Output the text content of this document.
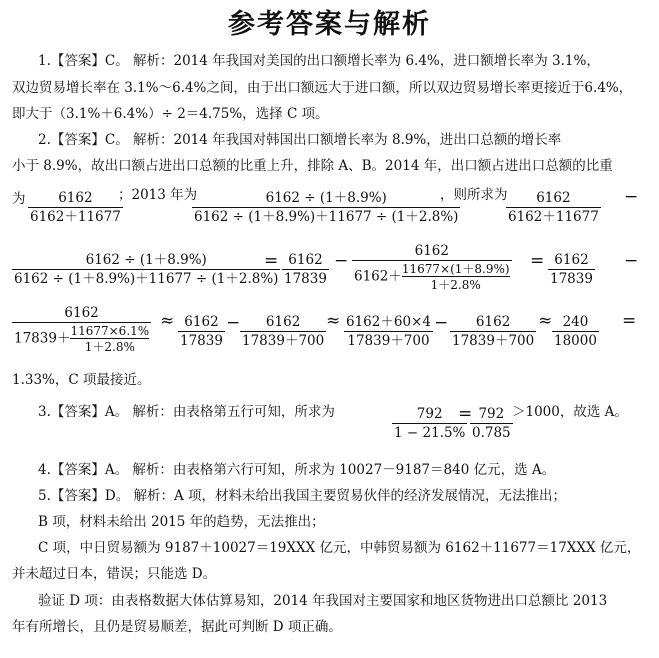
参考答案与解析
1.【答案】C。 解析：2014 年我国对美国的出口额增长率为 6.4%，进口额增长率为 3.1%，
双边贸易增长率在 3.1%～6.4%之间，由于出口额远大于进口额，所以双边贸易增长率更接近于6.4%，
即大于（3.1%＋6.4%）÷ 2＝4.75%，选择 C 项。
2.【答案】C。 解析：2014 年我国对韩国出口额增长率为 8.9%，进出口总额的增长率
小于 8.9%，故出口额占进出口总额的比重上升，排除 A、B。2014 年，出口额占进出口总额的比重
为 $\frac{6162}{6162+11677}$
；2013 年为
$\frac{6162 \div (1+8.9\%)}{6162 \div (1+8.9\%)+11677 \div (1+2.8\%)}$
，则所求为
$\frac{6162}{6162+11677}$ −
$\frac{6162 \div (1+8.9\%)}{6162 \div (1+8.9\%)+11677 \div (1+2.8\%)}$
= $\frac{6162}{17839} - \frac{6162}{6162+ \frac{11677\times(1+8.9\%)}{1+2.8\%}} = \frac{6162}{17839}$ −
$\frac{6162}{17839+ \frac{11677\times 6.1\%}{1+2.8\%}} \approx \frac{6162}{17839} - \frac{6162}{17839+700} \approx \frac{6162+60\times 4}{17839+700} - \frac{6162}{17839+700} \approx \frac{240}{18000}$ =
1.33%，C 项最接近。
3.【答案】A。 解析：由表格第五行可知，所求为	$\frac{792}{1 - 21.5\%}$
=
$\frac{792}{0.785} >1000$，故选 A。
4.【答案】A。 解析：由表格第六行可知，所求为 10027－9187＝840 亿元，选 A。
5.【答案】D。 解析：A 项，材料未给出我国主要贸易伙伴的经济发展情况，无法推出；
B 项，材料未给出 2015 年的趋势，无法推出；
C 项，中日贸易额为 9187＋10027＝19XXX 亿元，中韩贸易额为 6162＋11677＝17XXX 亿元，
并未超过日本，错误；只能选 D。
验证 D 项：由表格数据大体估算易知，2014 年我国对主要国家和地区货物进出口总额比 2013
年有所增长，且仍是贸易顺差，据此可判断 D 项正确。
